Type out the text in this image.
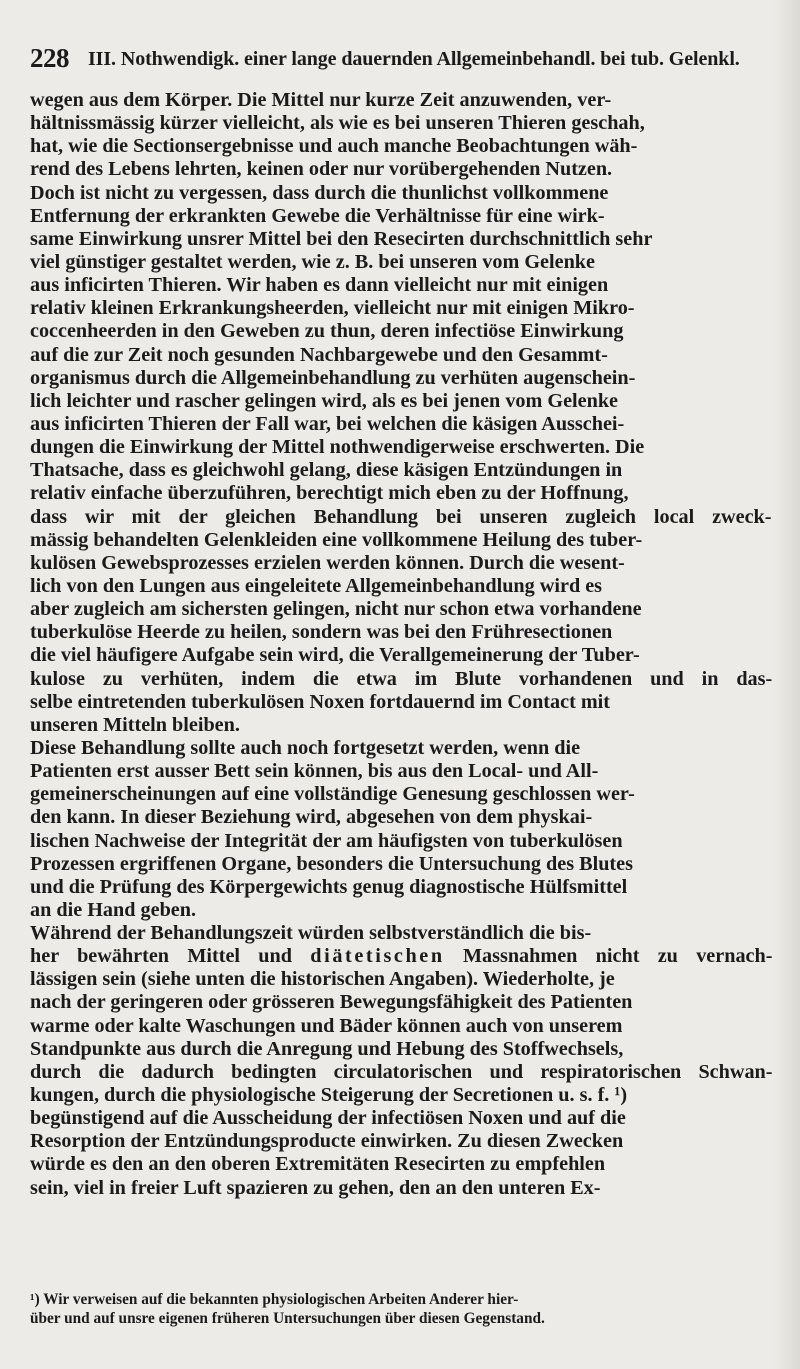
228 III. Nothwendigk. einer lange dauernden Allgemeinbehandl. bei tub. Gelenkl.
wegen aus dem Körper. Die Mittel nur kurze Zeit anzuwenden, ver-
hältnissmässig kürzer vielleicht, als wie es bei unseren Thieren geschah,
hat, wie die Sectionsergebnisse und auch manche Beobachtungen wäh-
rend des Lebens lehrten, keinen oder nur vorübergehenden Nutzen.
Doch ist nicht zu vergessen, dass durch die thunlichst vollkommene
Entfernung der erkrankten Gewebe die Verhältnisse für eine wirk-
same Einwirkung unsrer Mittel bei den Resecirten durchschnittlich sehr
viel günstiger gestaltet werden, wie z. B. bei unseren vom Gelenke
aus inficirten Thieren. Wir haben es dann vielleicht nur mit einigen
relativ kleinen Erkrankungsheerden, vielleicht nur mit einigen Mikro-
coccenheerden in den Geweben zu thun, deren infectiöse Einwirkung
auf die zur Zeit noch gesunden Nachbargewebe und den Gesammt-
organismus durch die Allgemeinbehandlung zu verhüten augenschein-
lich leichter und rascher gelingen wird, als es bei jenen vom Gelenke
aus inficirten Thieren der Fall war, bei welchen die käsigen Ausschei-
dungen die Einwirkung der Mittel nothwendigerweise erschwerten. Die
Thatsache, dass es gleichwohl gelang, diese käsigen Entzündungen in
relativ einfache überzuführen, berechtigt mich eben zu der Hoffnung,
dass wir mit der gleichen Behandlung bei unseren zugleich local zweck-
mässig behandelten Gelenkleiden eine vollkommene Heilung des tuber-
kulösen Gewebsprozesses erzielen werden können. Durch die wesent-
lich von den Lungen aus eingeleitete Allgemeinbehandlung wird es
aber zugleich am sichersten gelingen, nicht nur schon etwa vorhandene
tuberkulöse Heerde zu heilen, sondern was bei den Frühresectionen
die viel häufigere Aufgabe sein wird, die Verallgemeinerung der Tuber-
kulose zu verhüten, indem die etwa im Blute vorhandenen und in das-
selbe eintretenden tuberkulösen Noxen fortdauernd im Contact mit
unseren Mitteln bleiben.
Diese Behandlung sollte auch noch fortgesetzt werden, wenn die
Patienten erst ausser Bett sein können, bis aus den Local- und All-
gemeinerscheinungen auf eine vollständige Genesung geschlossen wer-
den kann. In dieser Beziehung wird, abgesehen von dem physkai-
lischen Nachweise der Integrität der am häufigsten von tuberkulösen
Prozessen ergriffenen Organe, besonders die Untersuchung des Blutes
und die Prüfung des Körpergewichts genug diagnostische Hülfsmittel
an die Hand geben.
Während der Behandlungszeit würden selbstverständlich die bis-
her bewährten Mittel und diätetischen Massnahmen nicht zu vernach-
lässigen sein (siehe unten die historischen Angaben). Wiederholte, je
nach der geringeren oder grösseren Bewegungsfähigkeit des Patienten
warme oder kalte Waschungen und Bäder können auch von unserem
Standpunkte aus durch die Anregung und Hebung des Stoffwechsels,
durch die dadurch bedingten circulatorischen und respiratorischen Schwan-
kungen, durch die physiologische Steigerung der Secretionen u. s. f. ¹)
begünstigend auf die Ausscheidung der infectiösen Noxen und auf die
Resorption der Entzündungsproducte einwirken. Zu diesen Zwecken
würde es den an den oberen Extremitäten Resecirten zu empfehlen
sein, viel in freier Luft spazieren zu gehen, den an den unteren Ex-
¹) Wir verweisen auf die bekannten physiologischen Arbeiten Anderer hier-
über und auf unsre eigenen früheren Untersuchungen über diesen Gegenstand.
